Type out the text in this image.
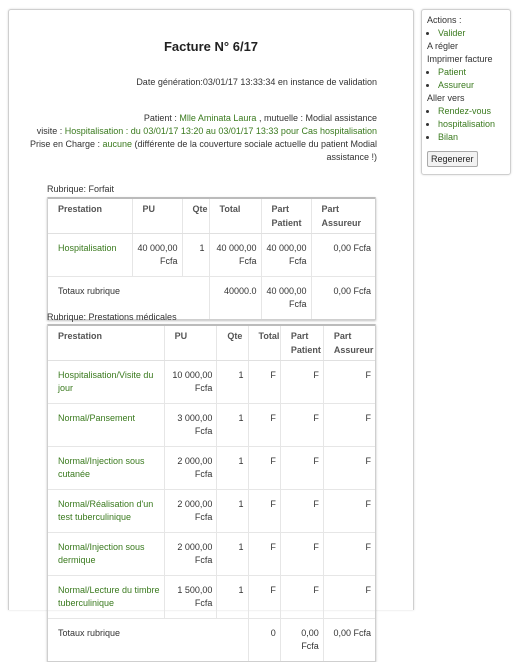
Facture N° 6/17
Date génération:03/01/17 13:33:34 en instance de validation
Patient : Mlle Aminata Laura , mutuelle : Modial assistance
visite : Hospitalisation : du 03/01/17 13:20 au 03/01/17 13:33 pour Cas hospitalisation
Prise en Charge : aucune (différente de la couverture sociale actuelle du patient Modial assistance !)
Rubrique: Forfait
Prestation	PU	Qte	Total	Part Patient	Part Assureur
Hospitalisation	40 000,00 Fcfa	1	40 000,00 Fcfa	40 000,00 Fcfa	0,00 Fcfa
Totaux rubrique			40000.0	40 000,00 Fcfa	0,00 Fcfa
Rubrique: Prestations médicales
Prestation	PU	Qte	Total	Part Patient	Part Assureur
Hospitalisation/Visite du jour	10 000,00 Fcfa	1	F	F	F
Normal/Pansement	3 000,00 Fcfa	1	F	F	F
Normal/Injection sous cutanée	2 000,00 Fcfa	1	F	F	F
Normal/Réalisation d'un test tuberculinique	2 000,00 Fcfa	1	F	F	F
Normal/Injection sous dermique	2 000,00 Fcfa	1	F	F	F
Normal/Lecture du timbre tuberculinique	1 500,00 Fcfa	1	F	F	F
Totaux rubrique			0	0,00 Fcfa	0,00 Fcfa
Actions :
• Valider
A régler
Imprimer facture
• Patient
• Assureur
Aller vers
• Rendez-vous
• hospitalisation
• Bilan
Regenerer
